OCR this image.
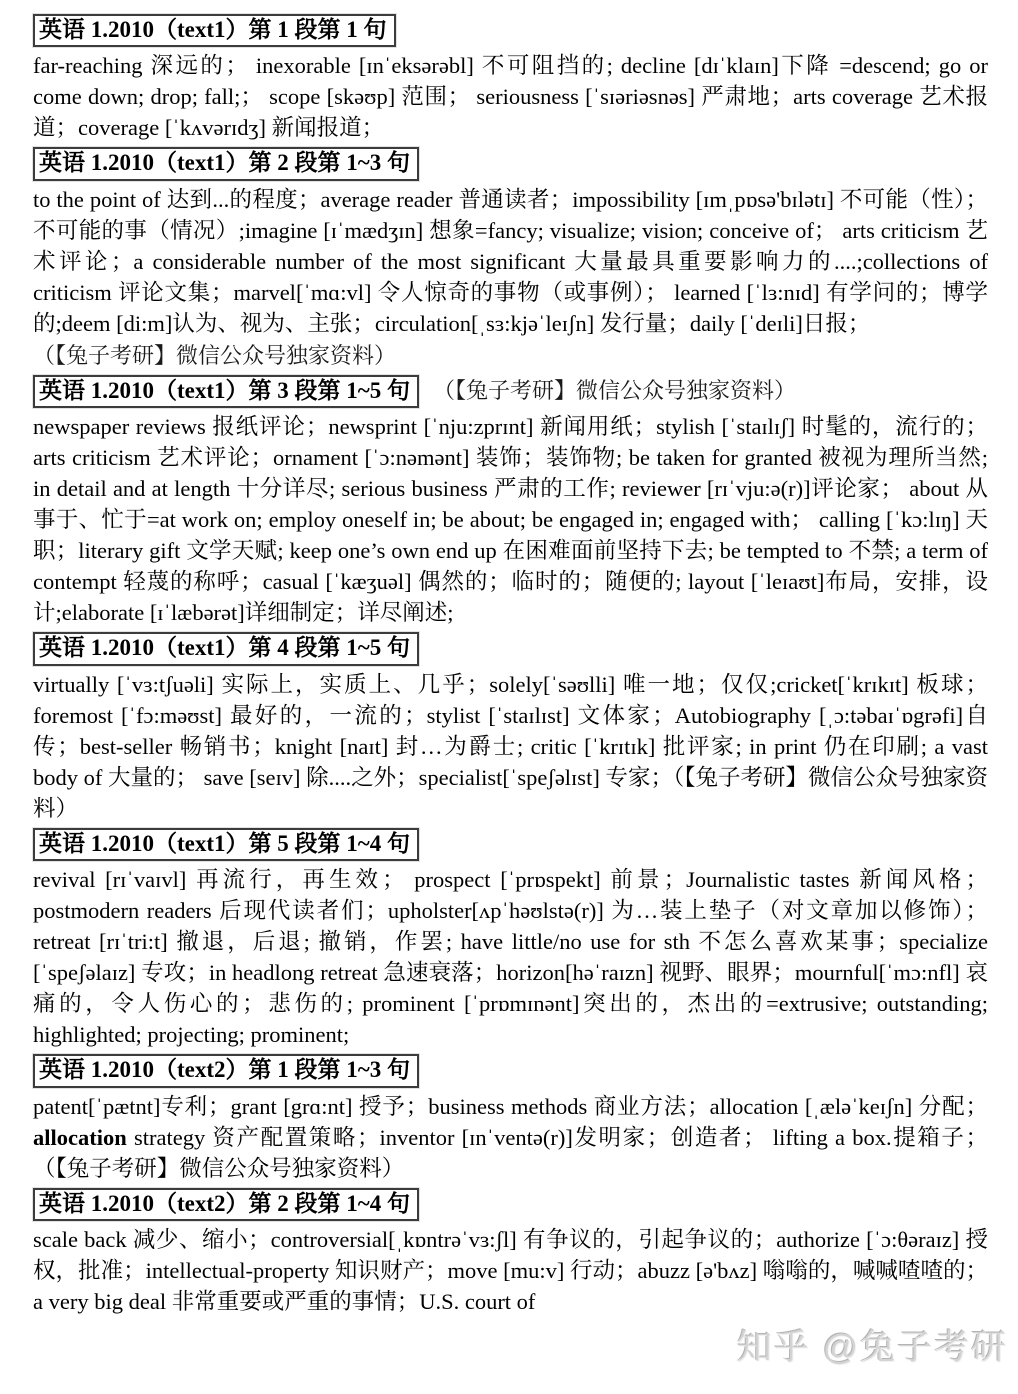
英语 1.2010（text1）第 1 段第 1 句

far-reaching 深远的； inexorable [ɪnˈeksərəbl] 不可阻挡的; decline [dɪˈklaɪn]下降 =descend; go or come down; drop; fall;； scope [skəʊp] 范围； seriousness [ˈsɪəriəsnəs] 严肃地；arts coverage 艺术报道；coverage [ˈkʌvərɪdʒ] 新闻报道；

英语 1.2010（text1）第 2 段第 1~3 句

to the point of 达到...的程度；average reader 普通读者；impossibility [ɪmˌpɒsə'bɪlətɪ] 不可能（性）；不可能的事（情况）;imagine [ɪˈmædʒɪn] 想象=fancy; visualize; vision; conceive of； arts criticism 艺术评论；a considerable number of the most significant 大量最具重要影响力的....;collections of criticism 评论文集；marvel[ˈmɑ:vl] 令人惊奇的事物（或事例）； learned [ˈlɜ:nɪd] 有学问的；博学的;deem [di:m]认为、视为、主张；circulation[ˌsɜ:kjəˈleɪʃn] 发行量；daily [ˈdeɪli]日报；

（【兔子考研】微信公众号独家资料）

英语 1.2010（text1）第 3 段第 1~5 句 （【兔子考研】微信公众号独家资料）

newspaper reviews 报纸评论；newsprint [ˈnju:zprɪnt] 新闻用纸；stylish [ˈstaɪlɪʃ] 时髦的，流行的；arts criticism 艺术评论；ornament [ˈɔ:nəmənt] 装饰；装饰物; be taken for granted 被视为理所当然; in detail and at length 十分详尽; serious business 严肃的工作; reviewer [rɪˈvju:ə(r)]评论家； about 从事于、忙于=at work on; employ oneself in; be about; be engaged in; engaged with； calling [ˈkɔ:lɪŋ] 天职；literary gift 文学天赋; keep one’s own end up 在困难面前坚持下去; be tempted to 不禁; a term of contempt 轻蔑的称呼；casual [ˈkæʒuəl] 偶然的；临时的；随便的; layout [ˈleɪaʊt]布局，安排，设计;elaborate [ɪˈlæbərət]详细制定；详尽阐述;

英语 1.2010（text1）第 4 段第 1~5 句

virtually [ˈvɜ:tʃuəli] 实际上，实质上、几乎；solely[ˈsəʊlli] 唯一地；仅仅;cricket[ˈkrɪkɪt] 板球；foremost [ˈfɔ:məʊst] 最好的，一流的；stylist [ˈstaɪlɪst] 文体家；Autobiography [ˌɔ:təbaɪˈɒgrəfi]自传；best-seller 畅销书；knight [naɪt] 封…为爵士; critic [ˈkrɪtɪk] 批评家; in print 仍在印刷; a vast body of 大量的； save [seɪv] 除....之外；specialist[ˈspeʃəlɪst] 专家；（【兔子考研】微信公众号独家资料）

英语 1.2010（text1）第 5 段第 1~4 句

revival [rɪˈvaɪvl] 再流行，再生效； prospect [ˈprɒspekt] 前景；Journalistic tastes 新闻风格；postmodern readers 后现代读者们；upholster[ʌpˈhəʊlstə(r)] 为…装上垫子（对文章加以修饰）；retreat [rɪˈtri:t] 撤退，后退; 撤销，作罢; have little/no use for sth 不怎么喜欢某事；specialize [ˈspeʃəlaɪz] 专攻；in headlong retreat 急速衰落；horizon[həˈraɪzn] 视野、眼界；mournful[ˈmɔ:nfl] 哀痛的，令人伤心的；悲伤的; prominent [ˈprɒmɪnənt]突出的，杰出的=extrusive; outstanding; highlighted; projecting; prominent;

英语 1.2010（text2）第 1 段第 1~3 句

patent[ˈpætnt]专利；grant [grɑ:nt] 授予；business methods 商业方法；allocation [ˌæləˈkeɪʃn] 分配；allocation strategy 资产配置策略；inventor [ɪnˈventə(r)]发明家；创造者； lifting a box.提箱子；（【兔子考研】微信公众号独家资料）

英语 1.2010（text2）第 2 段第 1~4 句

scale back 减少、缩小；controversial[ˌkɒntrəˈvɜ:ʃl] 有争议的，引起争议的；authorize [ˈɔ:θəraɪz] 授权，批准；intellectual-property 知识财产；move [mu:v] 行动；abuzz [ə'bʌz] 嗡嗡的，喊喊喳喳的；a very big deal 非常重要或严重的事情；U.S. court of

知乎 @兔子考研
